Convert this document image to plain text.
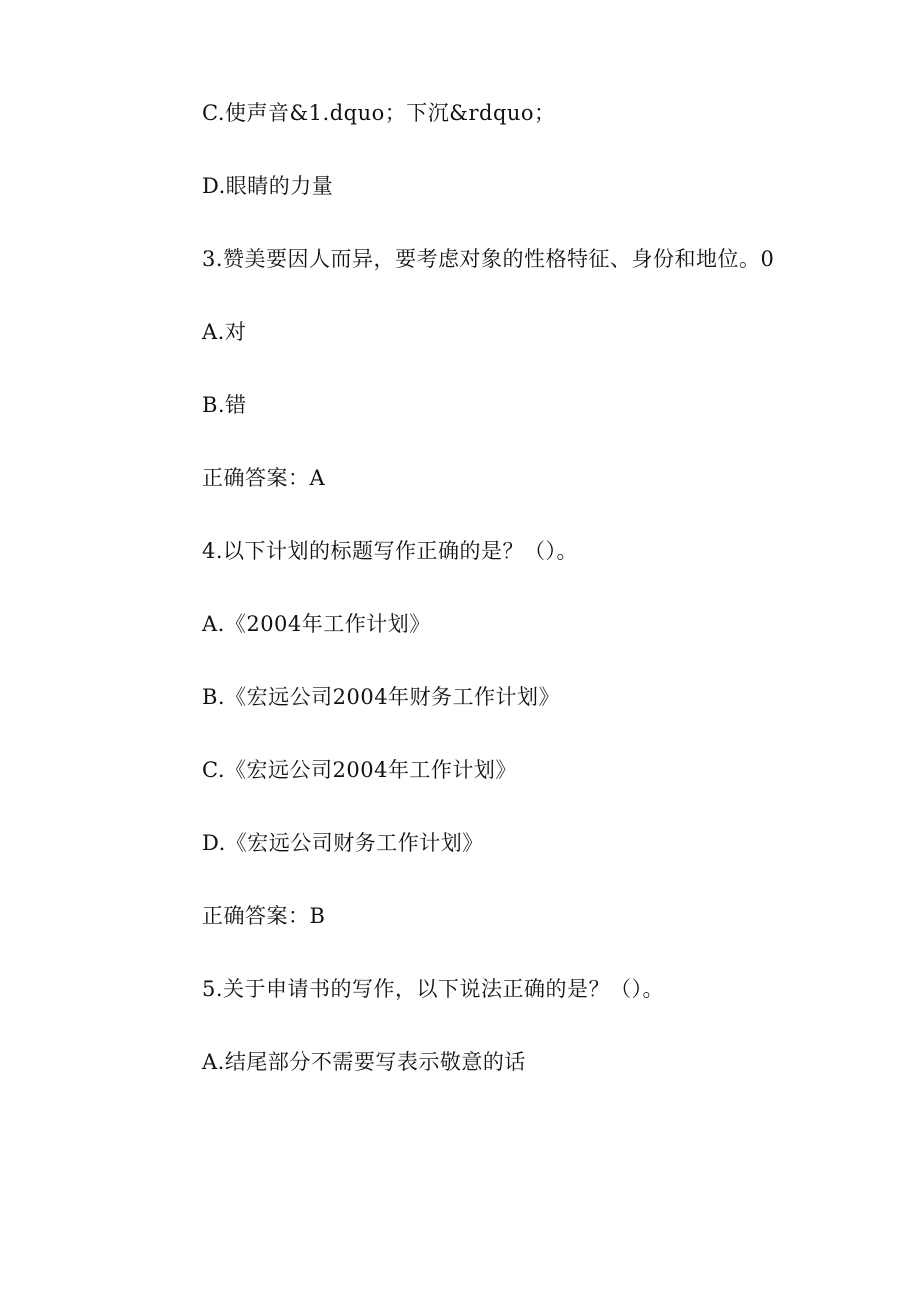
C.使声音&1.dquo；下沉&rdquo；
D.眼睛的力量
3.赞美要因人而异，要考虑对象的性格特征、身份和地位。0
A.对
B.错
正确答案：A
4.以下计划的标题写作正确的是？（）。
A.《2004年工作计划》
B.《宏远公司2004年财务工作计划》
C.《宏远公司2004年工作计划》
D.《宏远公司财务工作计划》
正确答案：B
5.关于申请书的写作，以下说法正确的是？（）。
A.结尾部分不需要写表示敬意的话
